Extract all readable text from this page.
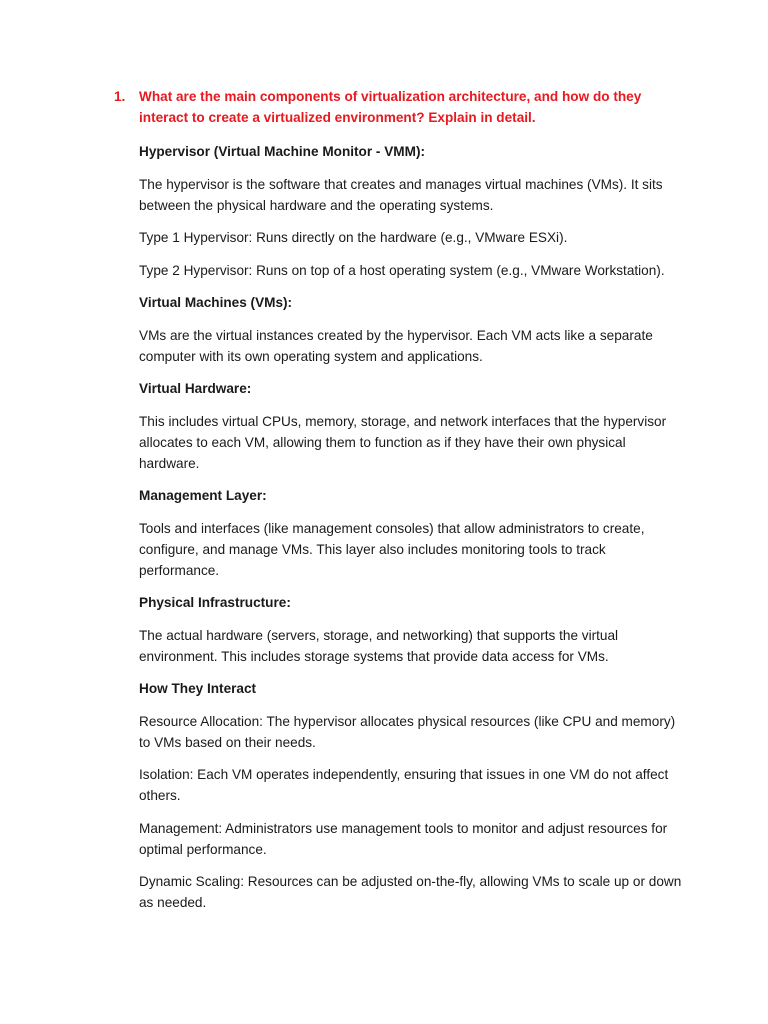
1. What are the main components of virtualization architecture, and how do they interact to create a virtualized environment? Explain in detail.

Hypervisor (Virtual Machine Monitor - VMM):

The hypervisor is the software that creates and manages virtual machines (VMs). It sits between the physical hardware and the operating systems.

Type 1 Hypervisor: Runs directly on the hardware (e.g., VMware ESXi).

Type 2 Hypervisor: Runs on top of a host operating system (e.g., VMware Workstation).

Virtual Machines (VMs):

VMs are the virtual instances created by the hypervisor. Each VM acts like a separate computer with its own operating system and applications.

Virtual Hardware:

This includes virtual CPUs, memory, storage, and network interfaces that the hypervisor allocates to each VM, allowing them to function as if they have their own physical hardware.

Management Layer:

Tools and interfaces (like management consoles) that allow administrators to create, configure, and manage VMs. This layer also includes monitoring tools to track performance.

Physical Infrastructure:

The actual hardware (servers, storage, and networking) that supports the virtual environment. This includes storage systems that provide data access for VMs.

How They Interact

Resource Allocation: The hypervisor allocates physical resources (like CPU and memory) to VMs based on their needs.

Isolation: Each VM operates independently, ensuring that issues in one VM do not affect others.

Management: Administrators use management tools to monitor and adjust resources for optimal performance.

Dynamic Scaling: Resources can be adjusted on-the-fly, allowing VMs to scale up or down as needed.
